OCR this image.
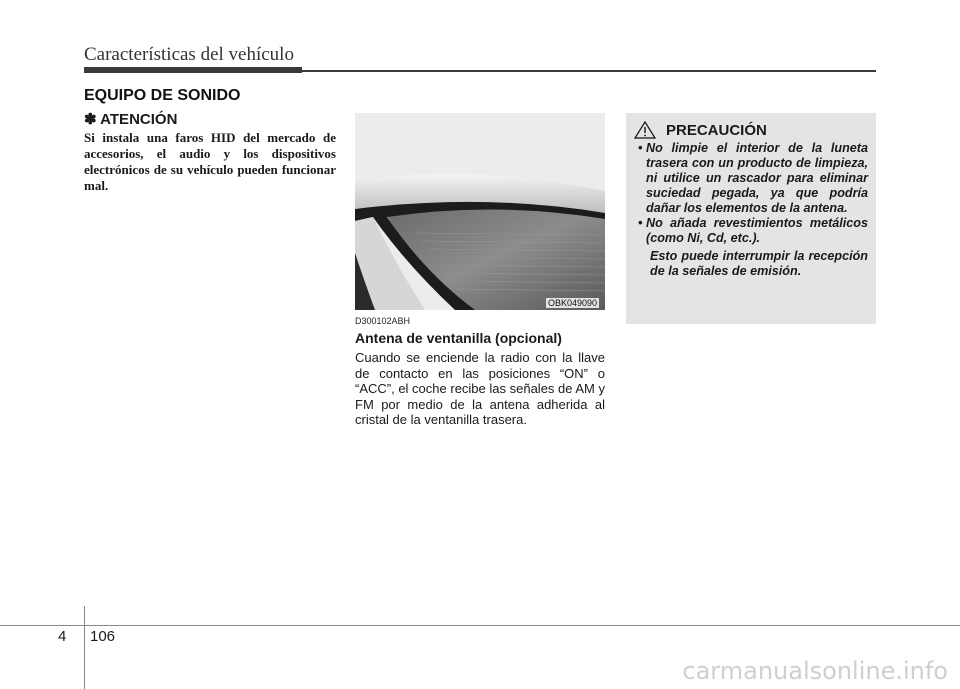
Características del vehículo
EQUIPO DE SONIDO
✽ ATENCIÓN
Si instala una faros HID del mercado de accesorios, el audio y los dispositivos electrónicos de su vehículo pueden funcionar mal.
OBK049090
D300102ABH
Antena de ventanilla (opcional)
Cuando se enciende la radio con la llave de contacto en las posiciones “ON” o “ACC”, el coche recibe las señales de AM y FM por medio de la antena adherida al cristal de la ventanilla trasera.
PRECAUCIÓN
• No limpie el interior de la luneta trasera con un producto de limpieza, ni utilice un rascador para eliminar suciedad pegada, ya que podría dañar los elementos de la antena.
• No añada revestimientos metálicos (como Ni, Cd, etc.).
Esto puede interrumpir la recepción de la señales de emisión.
4 106
carmanualsonline.info
